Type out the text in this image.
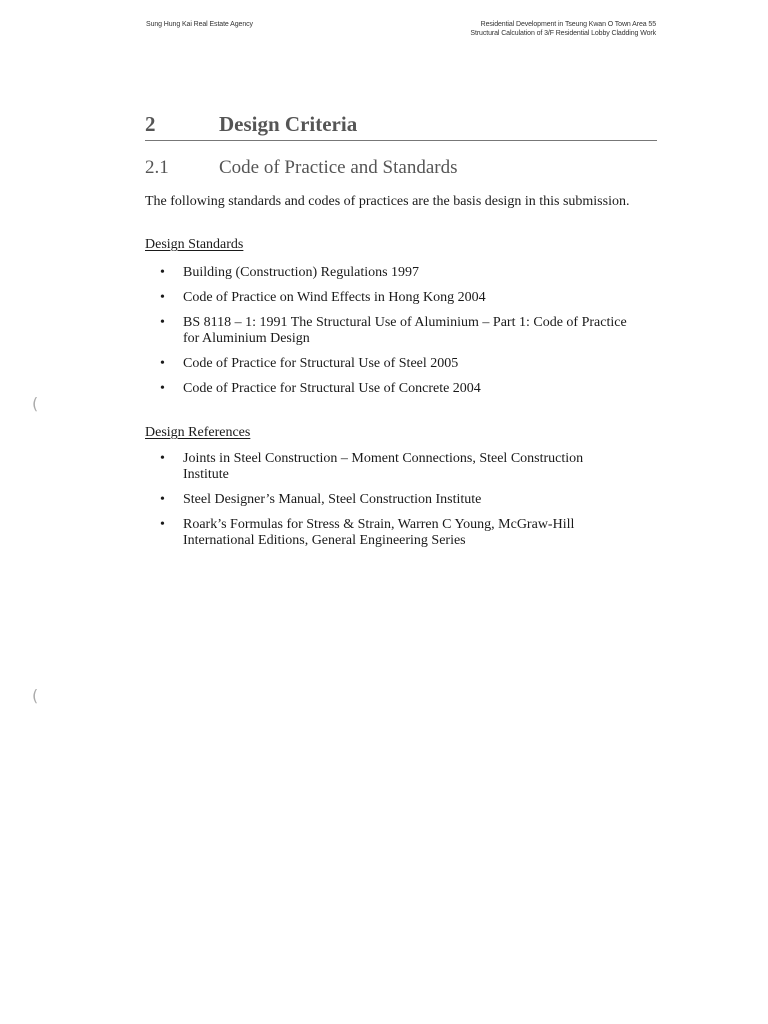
Sung Hung Kai Real Estate Agency	Residential Development in Tseung Kwan O Town Area 55
Structural Calculation of 3/F Residential Lobby Cladding Work
2	Design Criteria
2.1	Code of Practice and Standards

The following standards and codes of practices are the basis design in this submission.

Design Standards
• Building (Construction) Regulations 1997
• Code of Practice on Wind Effects in Hong Kong 2004
• BS 8118 – 1: 1991 The Structural Use of Aluminium – Part 1: Code of Practice for Aluminium Design
• Code of Practice for Structural Use of Steel 2005
• Code of Practice for Structural Use of Concrete 2004
Design References
• Joints in Steel Construction – Moment Connections, Steel Construction Institute
• Steel Designer’s Manual, Steel Construction Institute
• Roark’s Formulas for Stress & Strain, Warren C Young, McGraw-Hill International Editions, General Engineering Series
(
(
